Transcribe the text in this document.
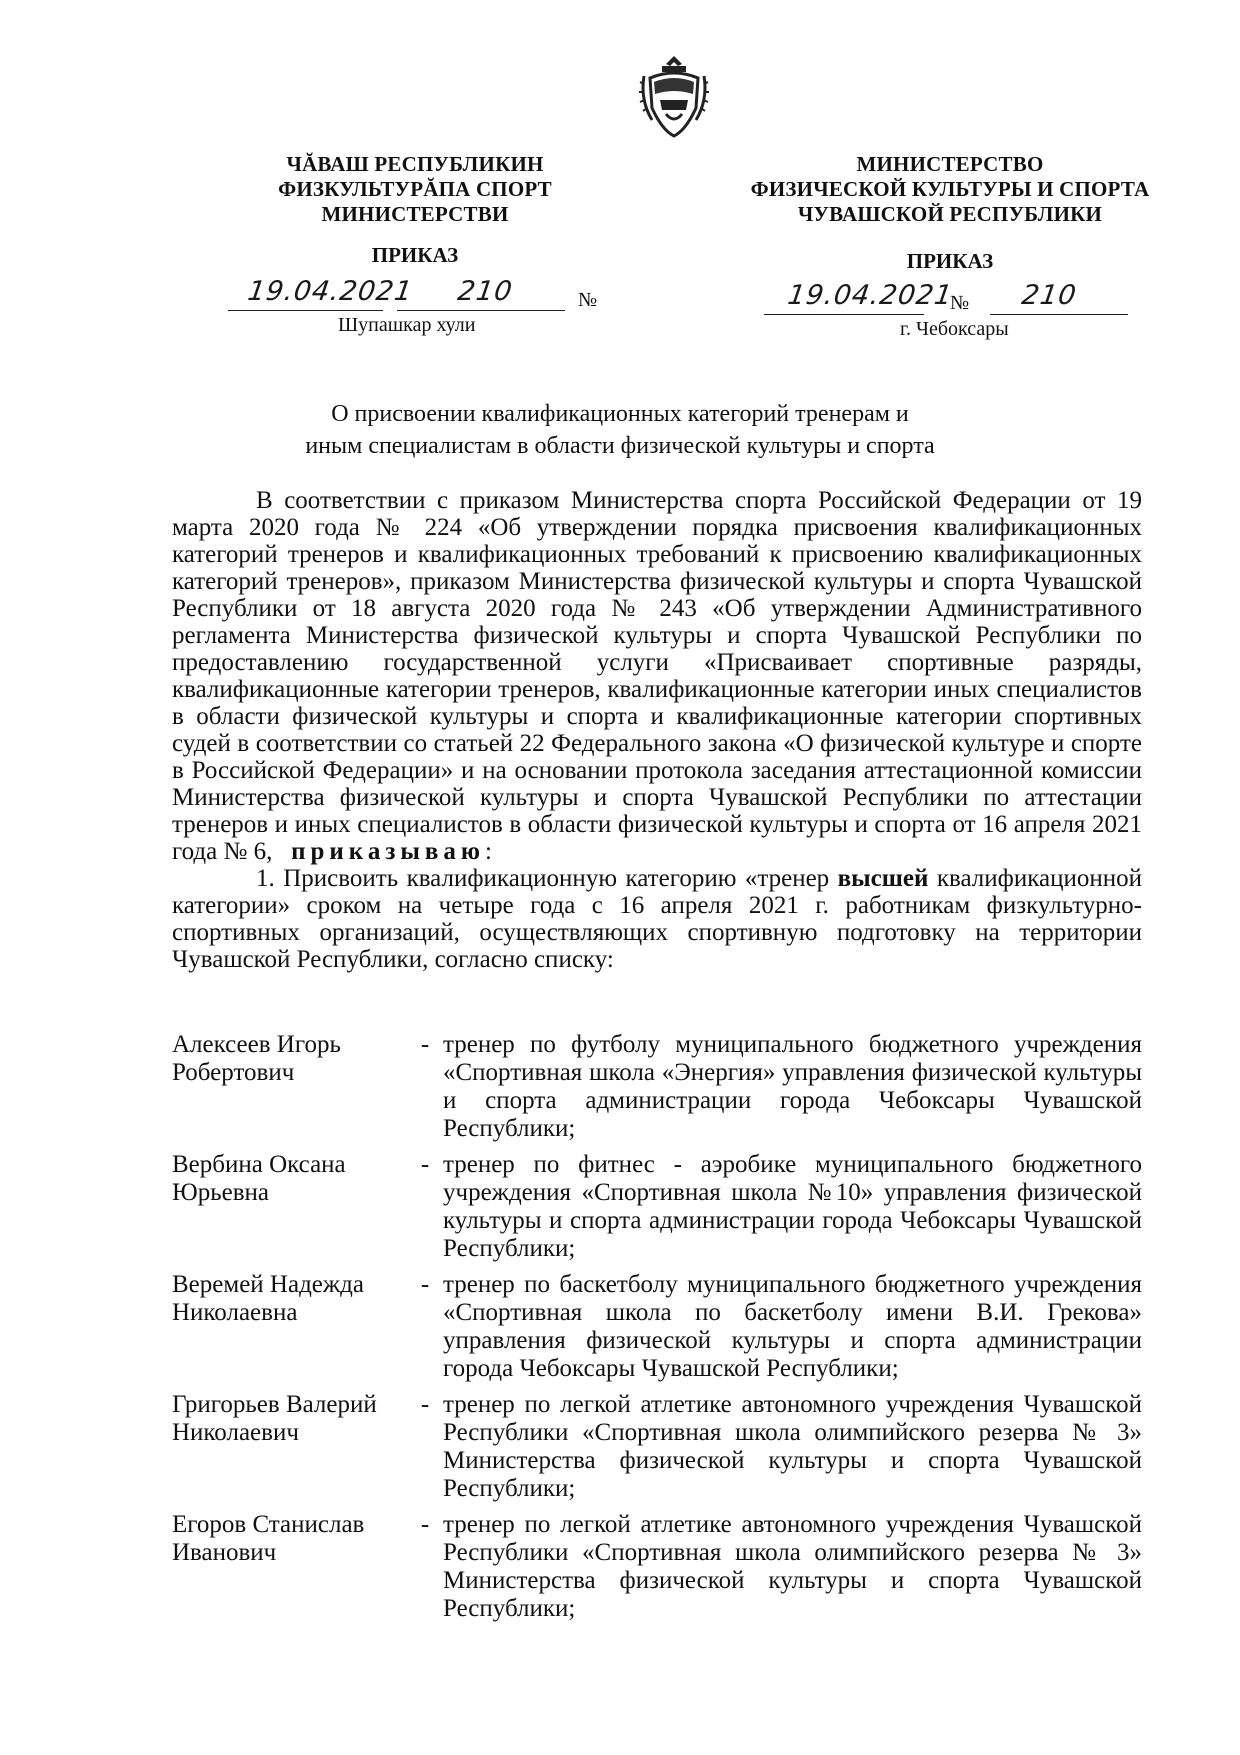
ЧĂВАШ РЕСПУБЛИКИН
ФИЗКУЛЬТУРĂПА СПОРТ
МИНИСТЕРСТВИ
МИНИСТЕРСТВО
ФИЗИЧЕСКОЙ КУЛЬТУРЫ И СПОРТА
ЧУВАШСКОЙ РЕСПУБЛИКИ
ПРИКАЗ	ПРИКАЗ
19.04.2021 210	№
Шупашкар хули
19.04.2021
№ 210
г. Чебоксары
О присвоении квалификационных категорий тренерам и
иным специалистам в области физической культуры и спорта

В соответствии с приказом Министерства спорта Российской Федерации от 19 марта 2020 года № 224 «Об утверждении порядка присвоения квалификационных категорий тренеров и квалификационных требований к присвоению квалификационных категорий тренеров», приказом Министерства физической культуры и спорта Чувашской Республики от 18 августа 2020 года № 243 «Об утверждении Административного регламента Министерства физической культуры и спорта Чувашской Республики по предоставлению государственной услуги «Присваивает спортивные разряды, квалификационные категории тренеров, квалификационные категории иных специалистов в области физической культуры и спорта и квалификационные категории спортивных судей в соответствии со статьей 22 Федерального закона «О физической культуре и спорте в Российской Федерации» и на основании протокола заседания аттестационной комиссии Министерства физической культуры и спорта Чувашской Республики по аттестации тренеров и иных специалистов в области физической культуры и спорта от 16 апреля 2021 года № 6, приказываю:

1. Присвоить квалификационную категорию «тренер высшей квалификационной категории» сроком на четыре года с 16 апреля 2021 г. работникам физкультурно-спортивных организаций, осуществляющих спортивную подготовку на территории Чувашской Республики, согласно списку:

Алексеев Игорь
Робертович
- тренер по футболу муниципального бюджетного учреждения «Спортивная школа «Энергия» управления физической культуры и спорта администрации города Чебоксары Чувашской Республики;
Вербина Оксана
Юрьевна
- тренер по фитнес - аэробике муниципального бюджетного учреждения «Спортивная школа №10» управления физической культуры и спорта администрации города Чебоксары Чувашской Республики;
Веремей Надежда
Николаевна
- тренер по баскетболу муниципального бюджетного учреждения «Спортивная школа по баскетболу имени В.И. Грекова» управления физической культуры и спорта администрации города Чебоксары Чувашской Республики;
Григорьев Валерий
Николаевич
- тренер по легкой атлетике автономного учреждения Чувашской Республики «Спортивная школа олимпийского резерва № 3» Министерства физической культуры и спорта Чувашской Республики;
Егоров Станислав
Иванович
- тренер по легкой атлетике автономного учреждения Чувашской Республики «Спортивная школа олимпийского резерва № 3» Министерства физической культуры и спорта Чувашской Республики;
